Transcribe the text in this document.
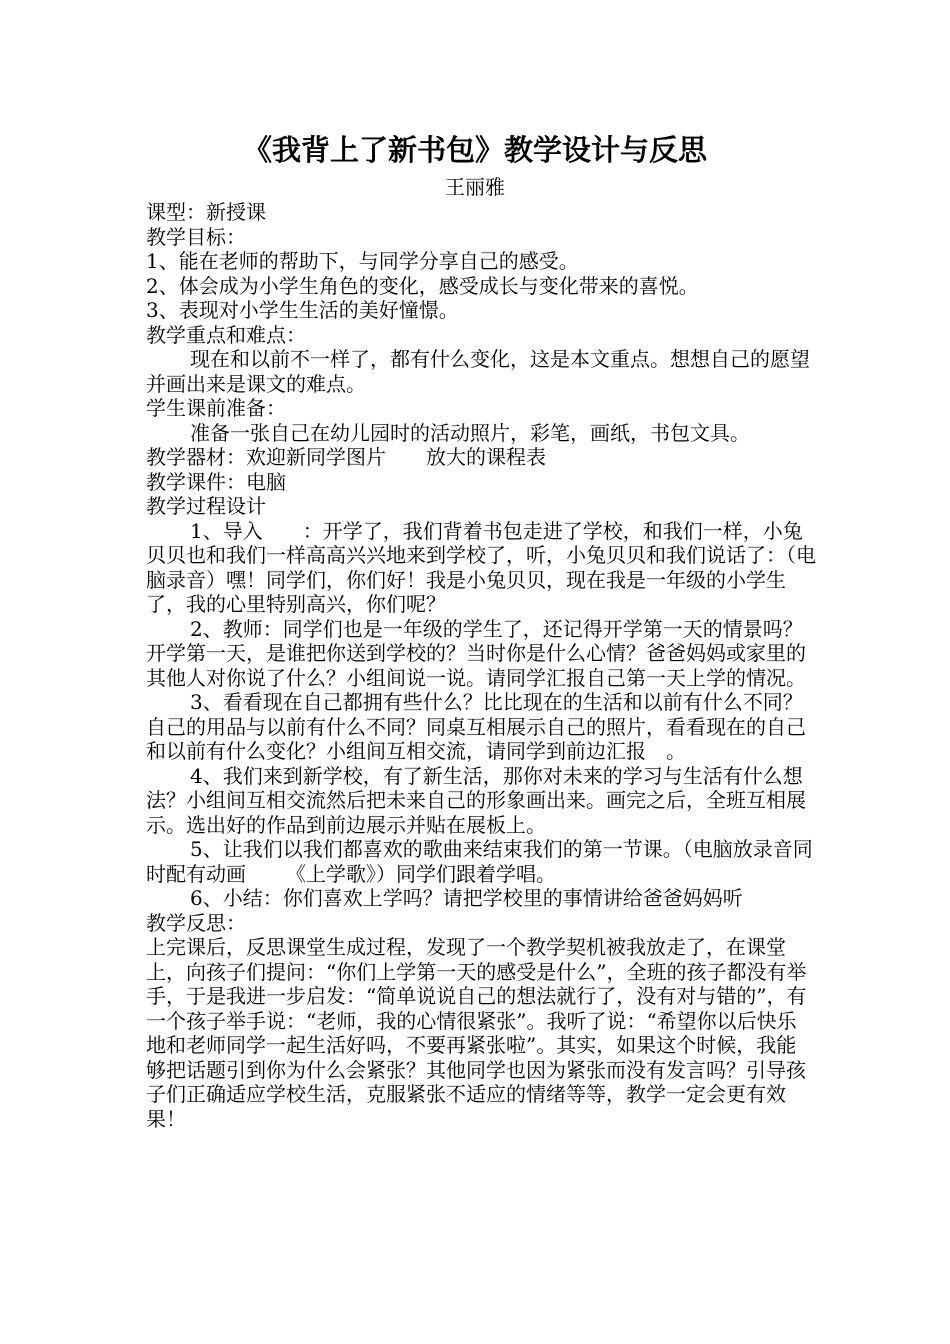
《我背上了新书包》教学设计与反思
王丽雅

课型：新授课

教学目标：

1、能在老师的帮助下，与同学分享自己的感受。

2、体会成为小学生角色的变化，感受成长与变化带来的喜悦。

3、表现对小学生生活的美好憧憬。

教学重点和难点：

现在和以前不一样了，都有什么变化，这是本文重点。想想自己的愿望并画出来是课文的难点。

学生课前准备：

准备一张自己在幼儿园时的活动照片，彩笔，画纸，书包文具。

教学器材：欢迎新同学图片 放大的课程表

教学课件：电脑

教学过程设计

1、导入 ：开学了，我们背着书包走进了学校，和我们一样，小兔贝贝也和我们一样高高兴兴地来到学校了，听，小兔贝贝和我们说话了：（电脑录音）嘿！同学们，你们好！我是小兔贝贝，现在我是一年级的小学生了，我的心里特别高兴，你们呢？

2、教师：同学们也是一年级的学生了，还记得开学第一天的情景吗？开学第一天，是谁把你送到学校的？当时你是什么心情？爸爸妈妈或家里的其他人对你说了什么？小组间说一说。请同学汇报自己第一天上学的情况。

3、看看现在自己都拥有些什么？比比现在的生活和以前有什么不同？自己的用品与以前有什么不同？同桌互相展示自己的照片，看看现在的自己和以前有什么变化？小组间互相交流，请同学到前边汇报 。

4、我们来到新学校，有了新生活，那你对未来的学习与生活有什么想法？小组间互相交流然后把未来自己的形象画出来。画完之后，全班互相展示。选出好的作品到前边展示并贴在展板上。

5、让我们以我们都喜欢的歌曲来结束我们的第一节课。（电脑放录音同时配有动画 《上学歌》）同学们跟着学唱。

6、小结：你们喜欢上学吗？请把学校里的事情讲给爸爸妈妈听

教学反思：

上完课后，反思课堂生成过程，发现了一个教学契机被我放走了，在课堂上，向孩子们提问：“你们上学第一天的感受是什么”，全班的孩子都没有举手，于是我进一步启发：“简单说说自己的想法就行了，没有对与错的”，有一个孩子举手说：“老师，我的心情很紧张”。我听了说：“希望你以后快乐地和老师同学一起生活好吗，不要再紧张啦”。其实，如果这个时候，我能够把话题引到你为什么会紧张？其他同学也因为紧张而没有发言吗？引导孩子们正确适应学校生活，克服紧张不适应的情绪等等，教学一定会更有效果！
